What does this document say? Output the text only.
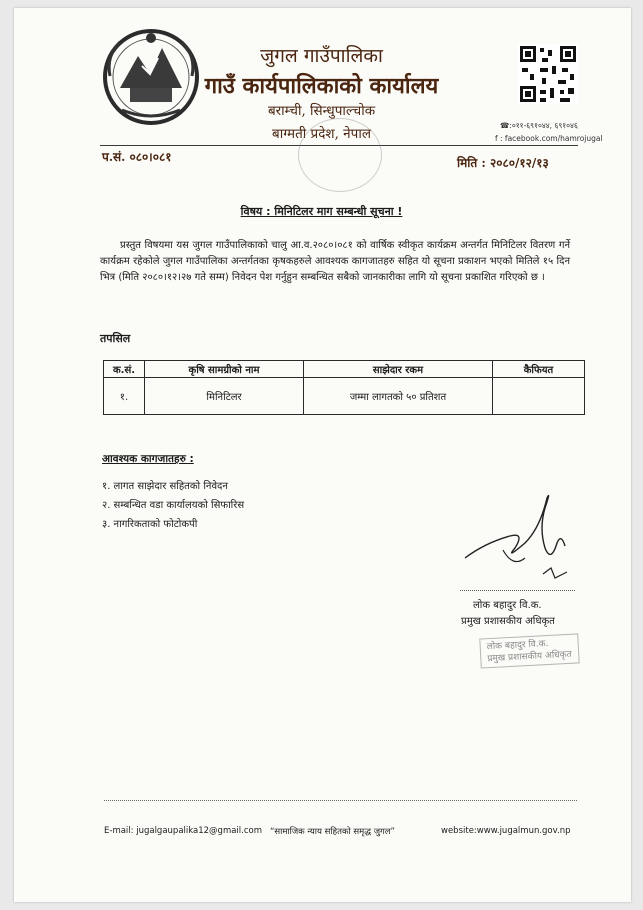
जुगल गाउँपालिका
गाउँ कार्यपालिकाको कार्यालय
बराम्ची, सिन्धुपाल्चोक
बाग्मती प्रदेश, नेपाल
☎:०११-६९१०४४, ६९१०४६
f : facebook.com/hamrojugal
प.सं. ०८०।०८१	मिति : २०८०/१२/१३
विषय : मिनिटिलर माग सम्बन्धी सूचना !
प्रस्तुत विषयमा यस जुगल गाउँपालिकाको चालु आ.व.२०८०।०८१ को वार्षिक स्वीकृत कार्यक्रम अन्तर्गत मिनिटिलर वितरण गर्ने कार्यक्रम रहेकोले जुगल गाउँपालिका अन्तर्गतका कृषकहरुले आवश्यक कागजातहरु सहित यो सूचना प्रकाशन भएको मितिले १५ दिन भित्र (मिति २०८०।१२।२७ गते सम्म) निवेदन पेश गर्नुहुन सम्बन्धित सबैको जानकारीका लागि यो सूचना प्रकाशित गरिएको छ ।
तपसिल
क.सं.	कृषि सामग्रीको नाम	साझेदार रकम	कैफियत
१.	मिनिटिलर	जम्मा लागतको ५० प्रतिशत	
आवश्यक कागजातहरु :
१. लागत साझेदार सहितको निवेदन
२. सम्बन्धित वडा कार्यालयको सिफारिस
३. नागरिकताको फोटोकपी
लोक बहादुर वि.क.
प्रमुख प्रशासकीय अधिकृत
लोक बहादुर वि.क.
प्रमुख प्रशासकीय अधिकृत
E-mail: jugalgaupalika12@gmail.com “सामाजिक न्याय सहितको समृद्ध जुगल”	website:www.jugalmun.gov.np
